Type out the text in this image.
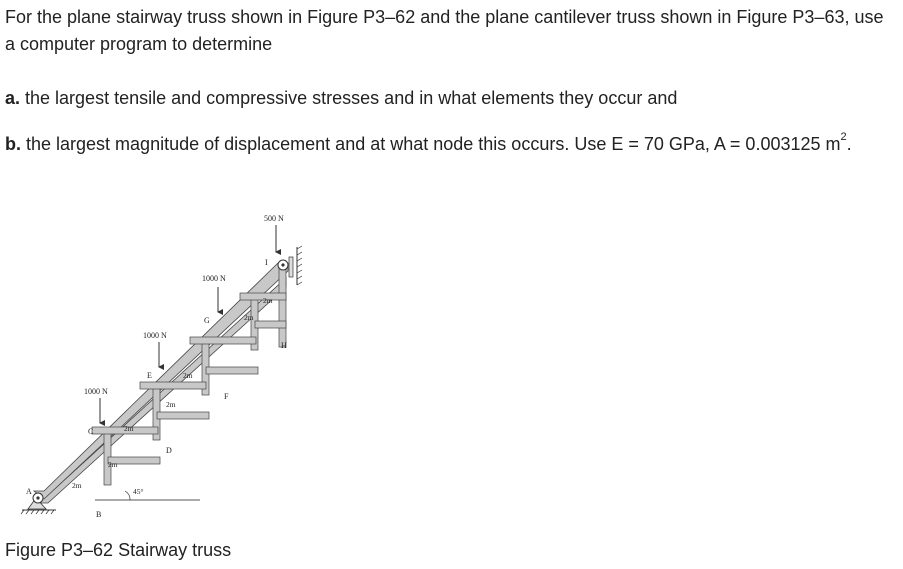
For the plane stairway truss shown in Figure P3–62 and the plane cantilever truss shown in Figure P3–63, use a computer program to determine

a. the largest tensile and compressive stresses and in what elements they occur and

b. the largest magnitude of displacement and at what node this occurs. Use E = 70 GPa, A = 0.003125 $m^2$.

500 N
1000 N
1000 N
1000 N
A
B
C
D
E
F
G
H
I
2m
2m
2m
2m
2m
2m
2m
45°

Figure P3–62 Stairway truss
